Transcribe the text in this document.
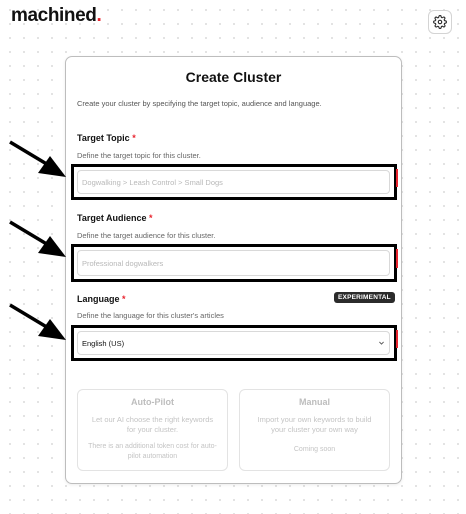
machined.
Create Cluster
Create your cluster by specifying the target topic, audience and language.
Target Topic *
Define the target topic for this cluster.
Dogwalking > Leash Control > Small Dogs
Target Audience *
Define the target audience for this cluster.
Professional dogwalkers
Language *	EXPERIMENTAL
Define the language for this cluster's articles
English (US)
Auto-Pilot
Let our AI choose the right keywords for your cluster.
There is an additional token cost for auto-pilot automation
Manual
Import your own keywords to build your cluster your own way
Coming soon
